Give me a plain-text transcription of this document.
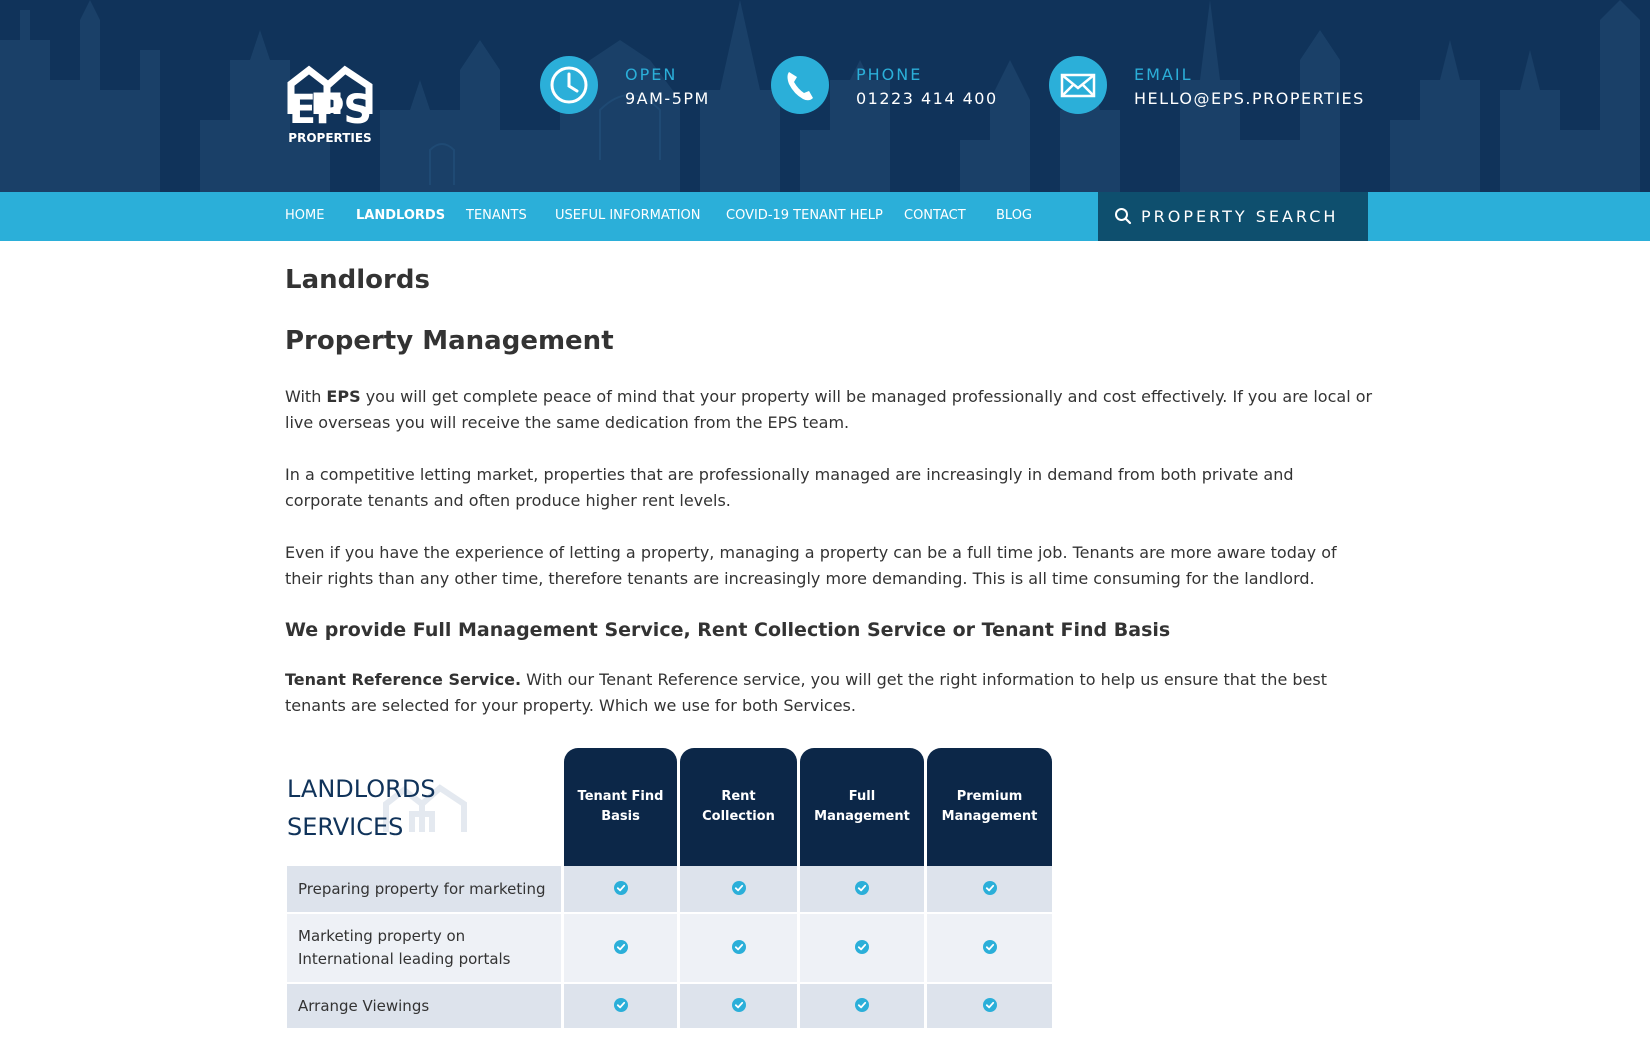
EPS
PROPERTIES
OPEN
9AM-5PM
PHONE
01223 414 400
EMAIL
HELLO@EPS.PROPERTIES
HOME LANDLORDS TENANTS USEFUL INFORMATION COVID-19 TENANT HELP CONTACT BLOG	PROPERTY SEARCH
Landlords
Property Management
With EPS you will get complete peace of mind that your property will be managed professionally and cost effectively. If you are local or live overseas you will receive the same dedication from the EPS team.
In a competitive letting market, properties that are professionally managed are increasingly in demand from both private and corporate tenants and often produce higher rent levels.
Even if you have the experience of letting a property, managing a property can be a full time job. Tenants are more aware today of their rights than any other time, therefore tenants are increasingly more demanding. This is all time consuming for the landlord.
We provide Full Management Service, Rent Collection Service or Tenant Find Basis
Tenant Reference Service. With our Tenant Reference service, you will get the right information to help us ensure that the best tenants are selected for your property. Which we use for both Services.
LANDLORDS
SERVICES
Tenant Find Basis
Rent Collection
Full Management
Premium Management
Preparing property for marketing
Marketing property on International leading portals
Arrange Viewings
